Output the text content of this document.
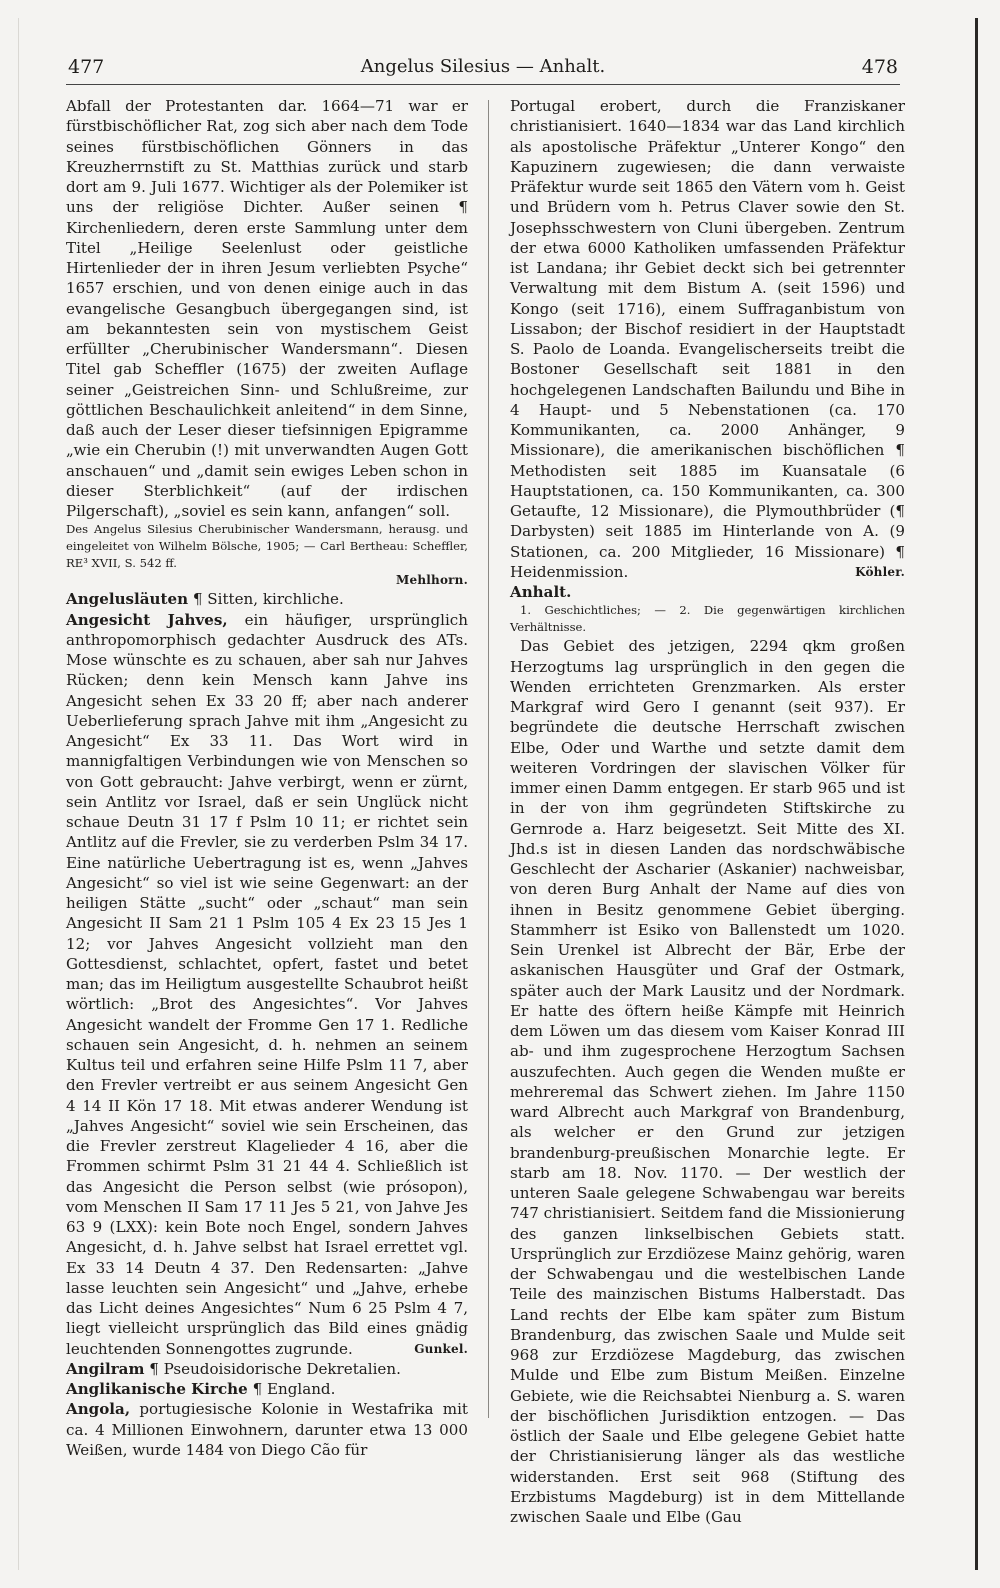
477	Angelus Silesius — Anhalt.	478

Abfall der Protestanten dar. 1664—71 war er fürstbischöflicher Rat, zog sich aber nach dem Tode seines fürstbischöflichen Gönners in das Kreuzherrnstift zu St. Matthias zurück und starb dort am 9. Juli 1677. Wichtiger als der Polemiker ist uns der religiöse Dichter. Außer seinen ¶ Kirchenliedern, deren erste Sammlung unter dem Titel „Heilige Seelenlust oder geistliche Hirtenlieder der in ihren Jesum verliebten Psyche“ 1657 erschien, und von denen einige auch in das evangelische Gesangbuch übergegangen sind, ist am bekanntesten sein von mystischem Geist erfüllter „Cherubinischer Wandersmann“. Diesen Titel gab Scheffler (1675) der zweiten Auflage seiner „Geistreichen Sinn- und Schlußreime, zur göttlichen Beschaulichkeit anleitend“ in dem Sinne, daß auch der Leser dieser tiefsinnigen Epigramme „wie ein Cherubin (!) mit unverwandten Augen Gott anschauen“ und „damit sein ewiges Leben schon in dieser Sterblichkeit“ (auf der irdischen Pilgerschaft), „soviel es sein kann, anfangen“ soll.

Des Angelus Silesius Cherubinischer Wandersmann, herausg. und eingeleitet von Wilhelm Bölsche, 1905; — Carl Bertheau: Scheffler, RE³ XVII, S. 542 ff.

Mehlhorn.

Angelusläuten ¶ Sitten, kirchliche.

Angesicht Jahves, ein häufiger, ursprünglich anthropomorphisch gedachter Ausdruck des ATs. Mose wünschte es zu schauen, aber sah nur Jahves Rücken; denn kein Mensch kann Jahve ins Angesicht sehen Ex 33 20 ff; aber nach anderer Ueberlieferung sprach Jahve mit ihm „Angesicht zu Angesicht“ Ex 33 11. Das Wort wird in mannigfaltigen Verbindungen wie von Menschen so von Gott gebraucht: Jahve verbirgt, wenn er zürnt, sein Antlitz vor Israel, daß er sein Unglück nicht schaue Deutn 31 17 f Pslm 10 11; er richtet sein Antlitz auf die Frevler, sie zu verderben Pslm 34 17. Eine natürliche Uebertragung ist es, wenn „Jahves Angesicht“ so viel ist wie seine Gegenwart: an der heiligen Stätte „sucht“ oder „schaut“ man sein Angesicht II Sam 21 1 Pslm 105 4 Ex 23 15 Jes 1 12; vor Jahves Angesicht vollzieht man den Gottesdienst, schlachtet, opfert, fastet und betet man; das im Heiligtum ausgestellte Schaubrot heißt wörtlich: „Brot des Angesichtes“. Vor Jahves Angesicht wandelt der Fromme Gen 17 1. Redliche schauen sein Angesicht, d. h. nehmen an seinem Kultus teil und erfahren seine Hilfe Pslm 11 7, aber den Frevler vertreibt er aus seinem Angesicht Gen 4 14 II Kön 17 18. Mit etwas anderer Wendung ist „Jahves Angesicht“ soviel wie sein Erscheinen, das die Frevler zerstreut Klagelieder 4 16, aber die Frommen schirmt Pslm 31 21 44 4. Schließlich ist das Angesicht die Person selbst (wie prósopon), vom Menschen II Sam 17 11 Jes 5 21, von Jahve Jes 63 9 (LXX): kein Bote noch Engel, sondern Jahves Angesicht, d. h. Jahve selbst hat Israel errettet vgl. Ex 33 14 Deutn 4 37. Den Redensarten: „Jahve lasse leuchten sein Angesicht“ und „Jahve, erhebe das Licht deines Angesichtes“ Num 6 25 Pslm 4 7, liegt vielleicht ursprünglich das Bild eines gnädig leuchtenden Sonnengottes zugrunde.	Gunkel.

Angilram ¶ Pseudoisidorische Dekretalien.

Anglikanische Kirche ¶ England.

Angola, portugiesische Kolonie in Westafrika mit ca. 4 Millionen Einwohnern, darunter etwa 13 000 Weißen, wurde 1484 von Diego Cão für

Portugal erobert, durch die Franziskaner christianisiert. 1640—1834 war das Land kirchlich als apostolische Präfektur „Unterer Kongo“ den Kapuzinern zugewiesen; die dann verwaiste Präfektur wurde seit 1865 den Vätern vom h. Geist und Brüdern vom h. Petrus Claver sowie den St. Josephsschwestern von Cluni übergeben. Zentrum der etwa 6000 Katholiken umfassenden Präfektur ist Landana; ihr Gebiet deckt sich bei getrennter Verwaltung mit dem Bistum A. (seit 1596) und Kongo (seit 1716), einem Suffraganbistum von Lissabon; der Bischof residiert in der Hauptstadt S. Paolo de Loanda. Evangelischerseits treibt die Bostoner Gesellschaft seit 1881 in den hochgelegenen Landschaften Bailundu und Bihe in 4 Haupt- und 5 Nebenstationen (ca. 170 Kommunikanten, ca. 2000 Anhänger, 9 Missionare), die amerikanischen bischöflichen ¶ Methodisten seit 1885 im Kuansatale (6 Hauptstationen, ca. 150 Kommunikanten, ca. 300 Getaufte, 12 Missionare), die Plymouthbrüder (¶ Darbysten) seit 1885 im Hinterlande von A. (9 Stationen, ca. 200 Mitglieder, 16 Missionare) ¶ Heidenmission.	Köhler.

Anhalt.

1. Geschichtliches; — 2. Die gegenwärtigen kirchlichen Verhältnisse.

Das Gebiet des jetzigen, 2294 qkm großen Herzogtums lag ursprünglich in den gegen die Wenden errichteten Grenzmarken. Als erster Markgraf wird Gero I genannt (seit 937). Er begründete die deutsche Herrschaft zwischen Elbe, Oder und Warthe und setzte damit dem weiteren Vordringen der slavischen Völker für immer einen Damm entgegen. Er starb 965 und ist in der von ihm gegründeten Stiftskirche zu Gernrode a. Harz beigesetzt. Seit Mitte des XI. Jhd.s ist in diesen Landen das nordschwäbische Geschlecht der Ascharier (Askanier) nachweisbar, von deren Burg Anhalt der Name auf dies von ihnen in Besitz genommene Gebiet überging. Stammherr ist Esiko von Ballenstedt um 1020. Sein Urenkel ist Albrecht der Bär, Erbe der askanischen Hausgüter und Graf der Ostmark, später auch der Mark Lausitz und der Nordmark. Er hatte des öftern heiße Kämpfe mit Heinrich dem Löwen um das diesem vom Kaiser Konrad III ab- und ihm zugesprochene Herzogtum Sachsen auszufechten. Auch gegen die Wenden mußte er mehreremal das Schwert ziehen. Im Jahre 1150 ward Albrecht auch Markgraf von Brandenburg, als welcher er den Grund zur jetzigen brandenburg-preußischen Monarchie legte. Er starb am 18. Nov. 1170. — Der westlich der unteren Saale gelegene Schwabengau war bereits 747 christianisiert. Seitdem fand die Missionierung des ganzen linkselbischen Gebiets statt. Ursprünglich zur Erzdiözese Mainz gehörig, waren der Schwabengau und die westelbischen Lande Teile des mainzischen Bistums Halberstadt. Das Land rechts der Elbe kam später zum Bistum Brandenburg, das zwischen Saale und Mulde seit 968 zur Erzdiözese Magdeburg, das zwischen Mulde und Elbe zum Bistum Meißen. Einzelne Gebiete, wie die Reichsabtei Nienburg a. S. waren der bischöflichen Jurisdiktion entzogen. — Das östlich der Saale und Elbe gelegene Gebiet hatte der Christianisierung länger als das westliche widerstanden. Erst seit 968 (Stiftung des Erzbistums Magdeburg) ist in dem Mittellande zwischen Saale und Elbe (Gau
